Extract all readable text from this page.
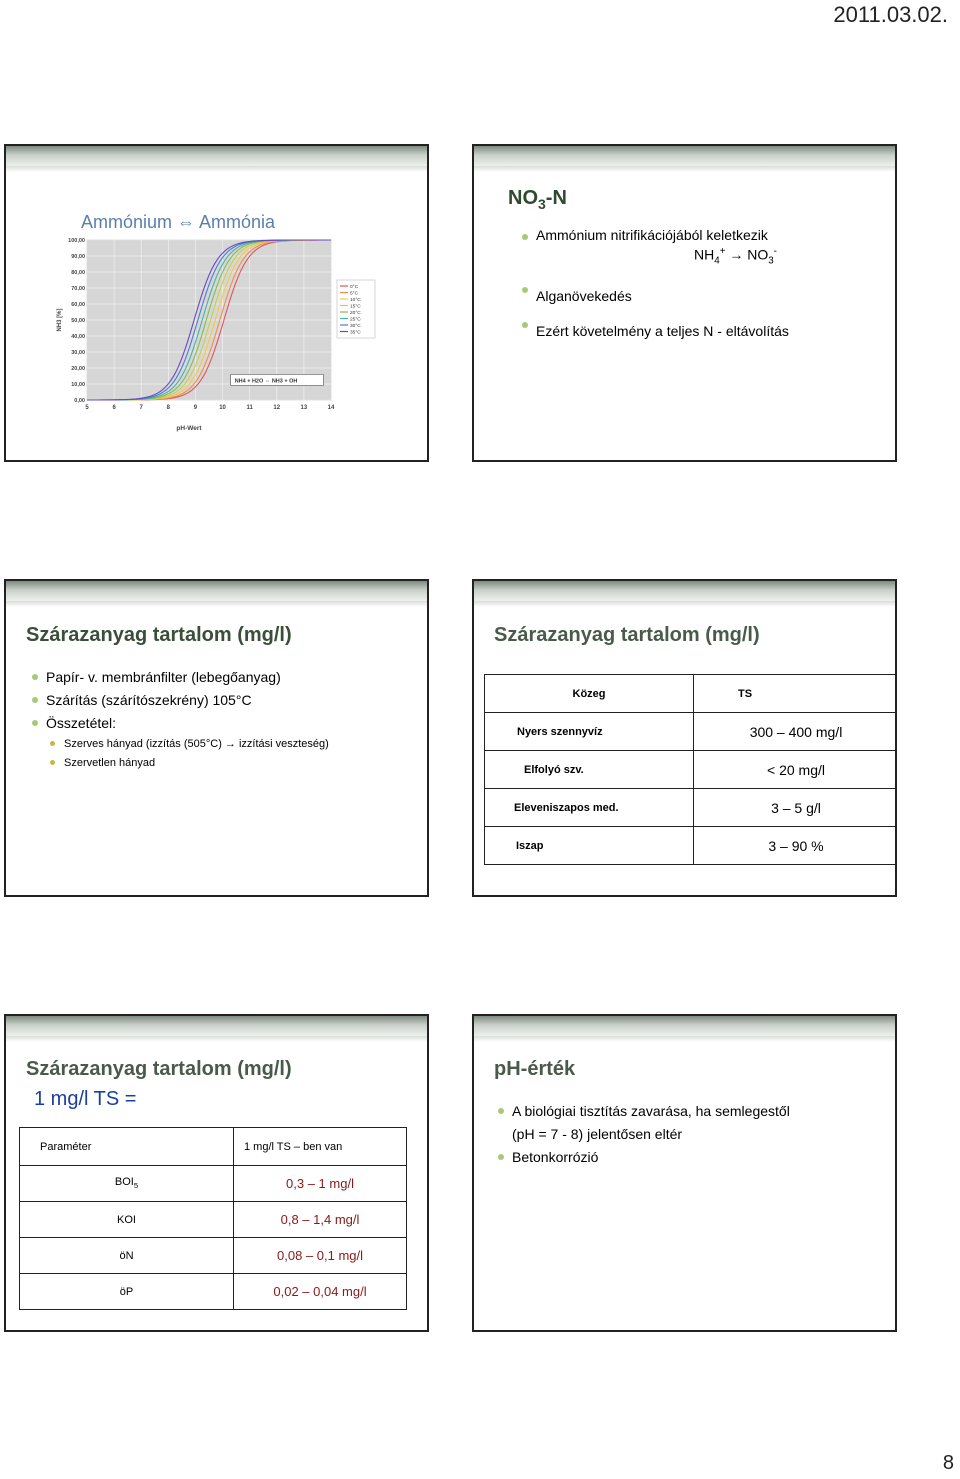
2011.03.02.
Ammónium ⇔ Ammónia
100,00
90,00
80,00
70,00
60,00
50,00
40,00
30,00
20,00
10,00
0,00
5	6	7	8	9	10	11	12	13	14
pH-Wert
NH3 [%]
NH4 + H2O ⇔ NH3 + OH
0°C
5°C
10°C
15°C
20°C
25°C
30°C
35°C
$NO_3-N$
Ammónium nitrifikációjából keletkezik
$NH_4^+ \to NO_3^-$
Alganövekedés
Ezért követelmény a teljes N - eltávolítás
Szárazanyag tartalom (mg/l)
Papír- v. membránfilter (lebegőanyag)
Szárítás (szárítószekrény) 105°C
Összetétel:
Szerves hányad (izzítás (505°C) → izzítási veszteség)
Szervetlen hányad
Szárazanyag tartalom (mg/l)
Közeg	TS
Nyers szennyvíz	300 – 400 mg/l
Elfolyó szv.	< 20 mg/l
Eleveniszapos med.	3 – 5 g/l
Iszap	3 – 90 %
Szárazanyag tartalom (mg/l)
1 mg/l TS =
Paraméter	1 mg/l TS – ben van
$BOI_5$	0,3 – 1 mg/l
KOI	0,8 – 1,4 mg/l
öN	0,08 – 0,1 mg/l
öP	0,02 – 0,04 mg/l
pH-érték
A biológiai tisztítás zavarása, ha semlegestől
(pH = 7 - 8) jelentősen eltér
Betonkorrózió
8
